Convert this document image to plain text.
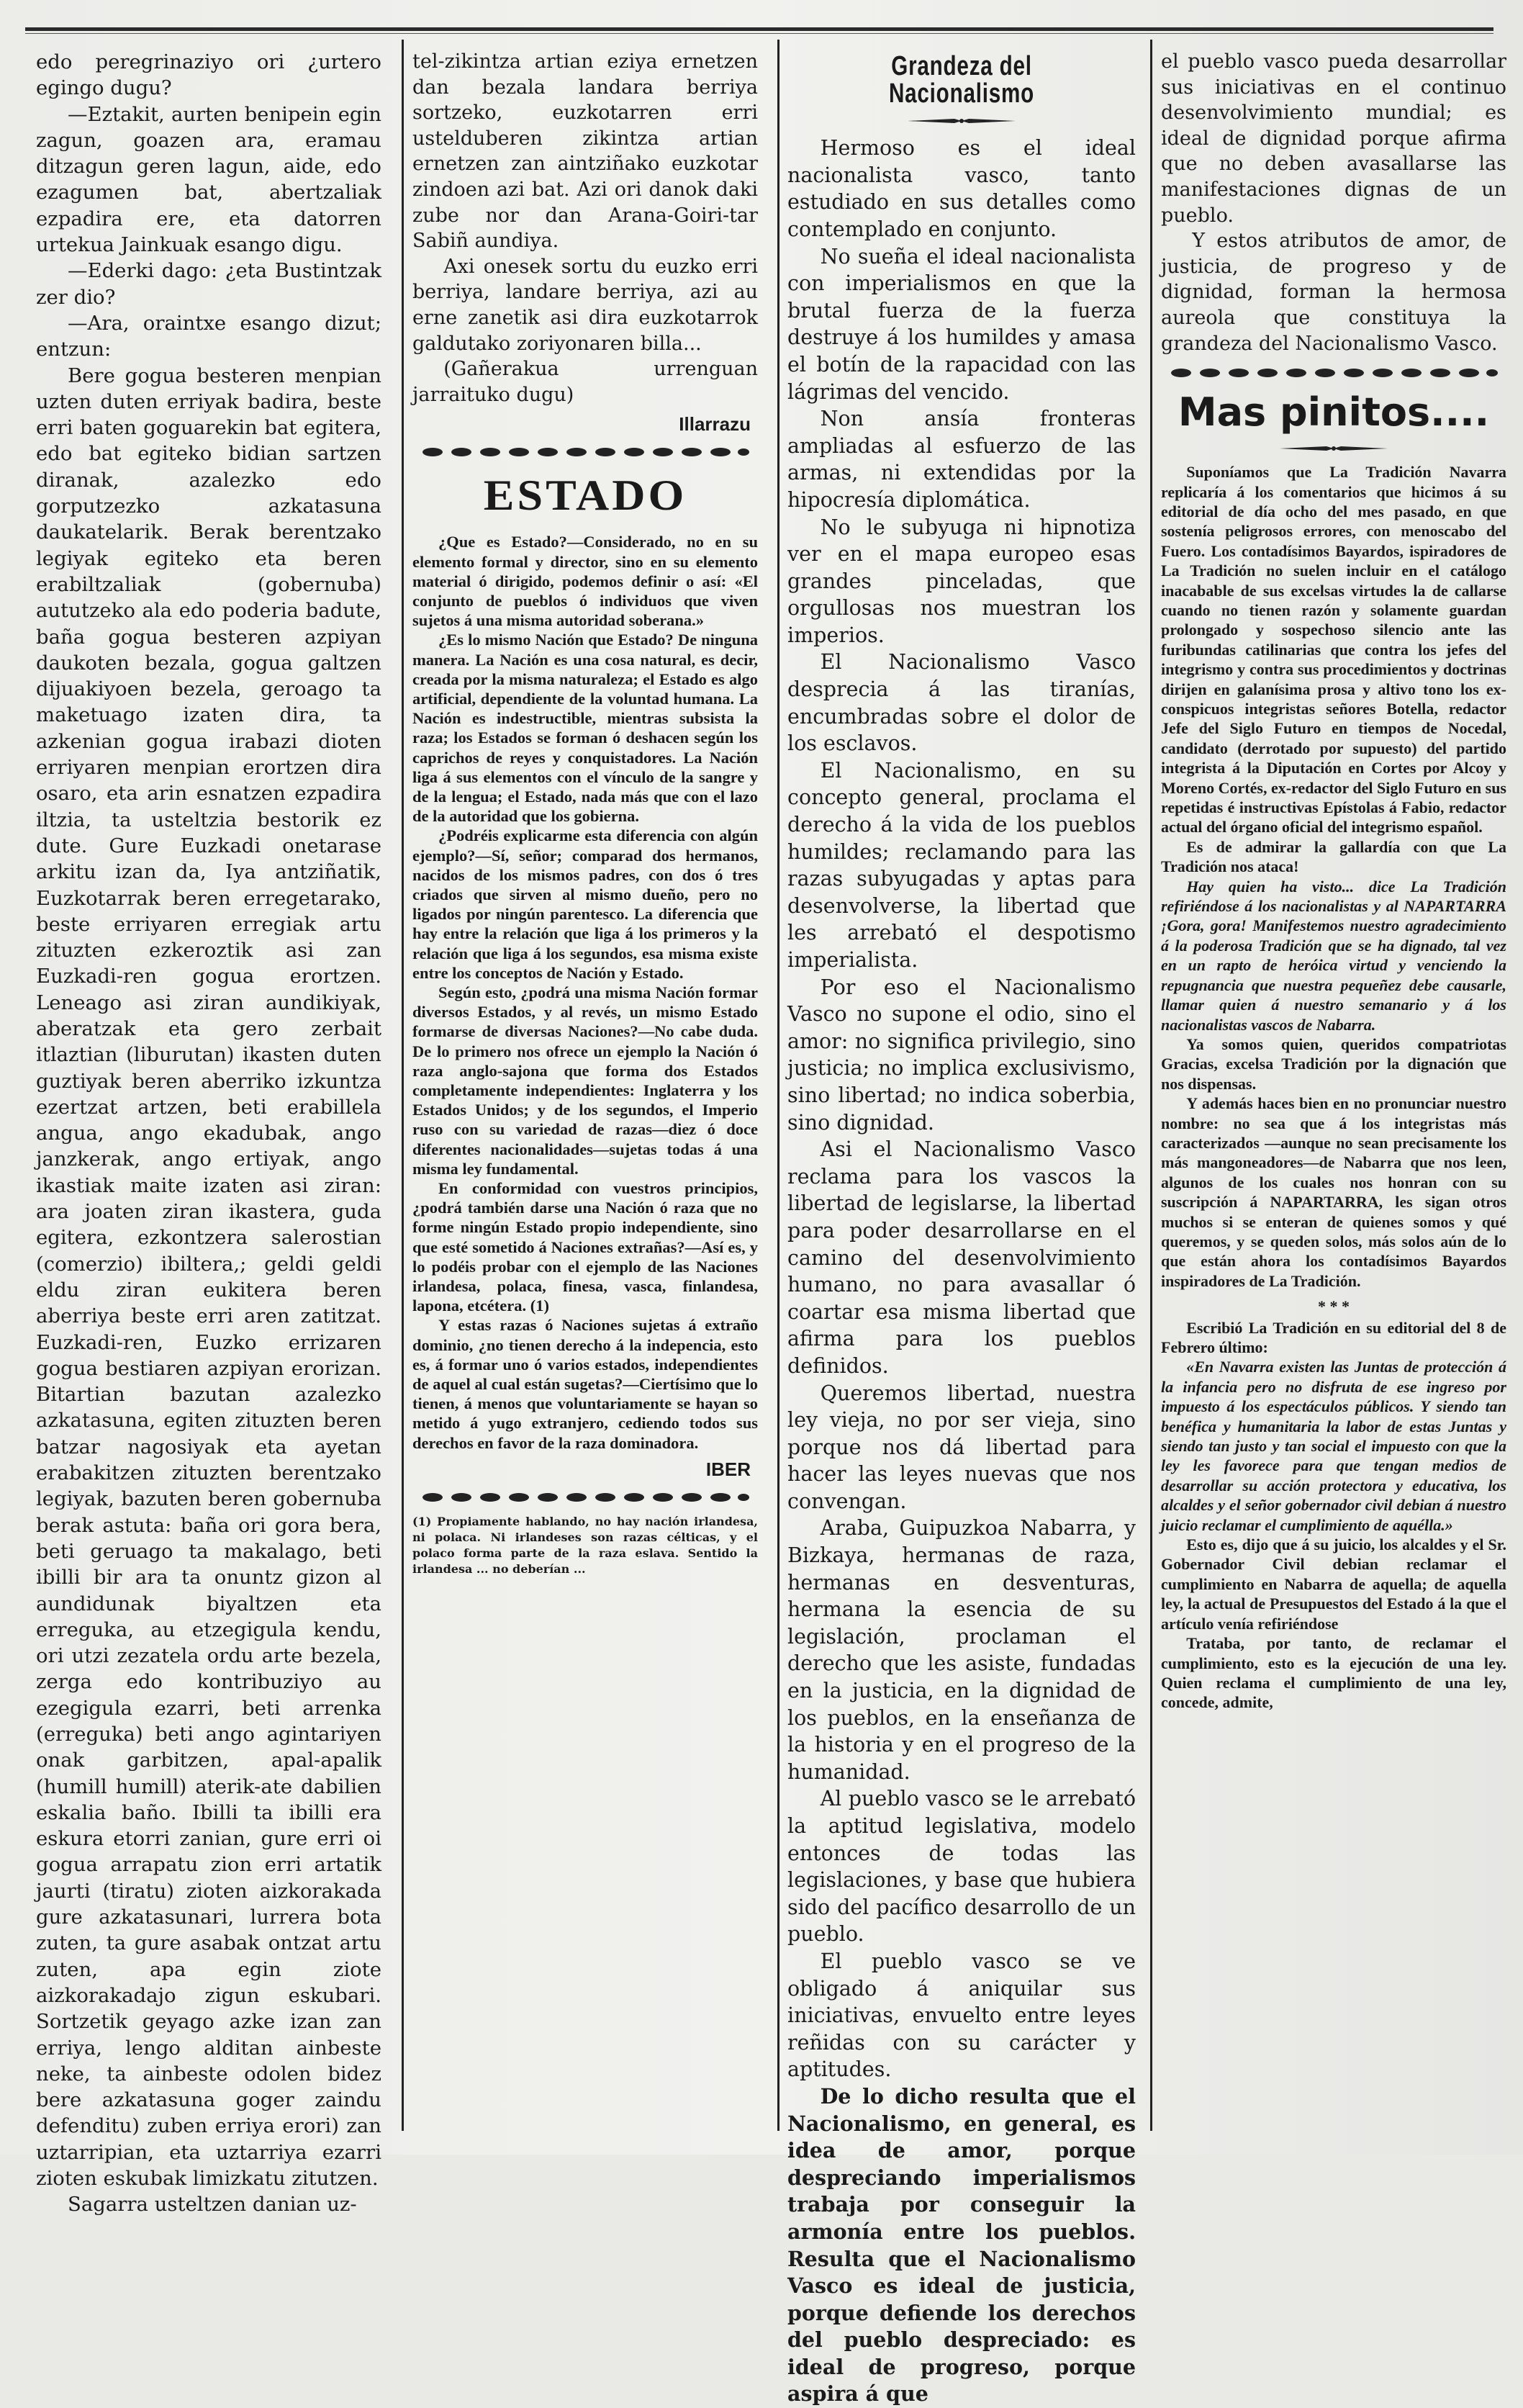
edo peregrinaziyo ori ¿urtero egingo dugu?

—Eztakit, aurten benipein egin zagun, goazen ara, eramau ditzagun geren lagun, aide, edo ezagumen bat, abertzaliak ezpadira ere, eta datorren urtekua Jainkuak esango digu.

—Ederki dago: ¿eta Bustintzak zer dio?

—Ara, oraintxe esango dizut; entzun:

Bere gogua besteren menpian uzten duten erriyak badira, beste erri baten goguarekin bat egitera, edo bat egiteko bidian sartzen diranak, azalezko edo gorputzezko azkatasuna daukatelarik. Berak berentzako legiyak egiteko eta beren erabiltzaliak (gobernuba) aututzeko ala edo poderia badute, baña gogua besteren azpiyan daukoten bezala, gogua galtzen dijuakiyoen bezela, geroago ta maketuago izaten dira, ta azkenian gogua irabazi dioten erriyaren menpian erortzen dira osaro, eta arin esnatzen ezpadira iltzia, ta usteltzia bestorik ez dute. Gure Euzkadi onetarase arkitu izan da, Iya antziñatik, Euzkotarrak beren erregetarako, beste erriyaren erregiak artu zituzten ezkeroztik asi zan Euzkadi-ren gogua erortzen. Leneago asi ziran aundikiyak, aberatzak eta gero zerbait itlaztian (liburutan) ikasten duten guztiyak beren aberriko izkuntza ezertzat artzen, beti erabillela angua, ango ekadubak, ango janzkerak, ango ertiyak, ango ikastiak maite izaten asi ziran: ara joaten ziran ikastera, guda egitera, ezkontzera salerostian (comerzio) ibiltera,; geldi geldi eldu ziran eukitera beren aberriya beste erri aren zatitzat. Euzkadi-ren, Euzko errizaren gogua bestiaren azpiyan erorizan. Bitartian bazutan azalezko azkatasuna, egiten zituzten beren batzar nagosiyak eta ayetan erabakitzen zituzten berentzako legiyak, bazuten beren gobernuba berak astuta: baña ori gora bera, beti geruago ta makalago, beti ibilli bir ara ta onuntz gizon al aundidunak biyaltzen eta erreguka, au etzegigula kendu, ori utzi zezatela ordu arte bezela, zerga edo kontribuziyo au ezegigula ezarri, beti arrenka (erreguka) beti ango agintariyen onak garbitzen, apal-apalik (humill humill) aterik-ate dabilien eskalia baño. Ibilli ta ibilli era eskura etorri zanian, gure erri oi gogua arrapatu zion erri artatik jaurti (tiratu) zioten aizkorakada gure azkatasunari, lurrera bota zuten, ta gure asabak ontzat artu zuten, apa egin ziote aizkorakadajo zigun eskubari. Sortzetik geyago azke izan zan erriya, lengo alditan ainbeste neke, ta ainbeste odolen bidez bere azkatasuna goger zaindu defenditu) zuben erriya erori) zan uztarripian, eta uztarriya ezarri zioten eskubak limizkatu zitutzen.

Sagarra usteltzen danian uz-

tel-zikintza artian eziya ernetzen dan bezala landara berriya sortzeko, euzkotarren erri ustelduberen zikintza artian ernetzen zan aintziñako euzkotar zindoen azi bat. Azi ori danok daki zube nor dan Arana-Goiri-tar Sabiñ aundiya.

Axi onesek sortu du euzko erri berriya, landare berriya, azi au erne zanetik asi dira euzkotarrok galdutako zoriyonaren billa...

(Gañerakua urrenguan jarraituko dugu)

Illarrazu
ESTADO

¿Que es Estado?—Considerado, no en su elemento formal y director, sino en su elemento material ó dirigido, podemos definir o así: «El conjunto de pueblos ó individuos que viven sujetos á una misma autoridad soberana.»

¿Es lo mismo Nación que Estado? De ninguna manera. La Nación es una cosa natural, es decir, creada por la misma naturaleza; el Estado es algo artificial, dependiente de la voluntad humana. La Nación es indestructible, mientras subsista la raza; los Estados se forman ó deshacen según los caprichos de reyes y conquistadores. La Nación liga á sus elementos con el vínculo de la sangre y de la lengua; el Estado, nada más que con el lazo de la autoridad que los gobierna.

¿Podréis explicarme esta diferencia con algún ejemplo?—Sí, señor; comparad dos hermanos, nacidos de los mismos padres, con dos ó tres criados que sirven al mismo dueño, pero no ligados por ningún parentesco. La diferencia que hay entre la relación que liga á los primeros y la relación que liga á los segundos, esa misma existe entre los conceptos de Nación y Estado.

Según esto, ¿podrá una misma Nación formar diversos Estados, y al revés, un mismo Estado formarse de diversas Naciones?—No cabe duda. De lo primero nos ofrece un ejemplo la Nación ó raza anglo-sajona que forma dos Estados completamente independientes: Inglaterra y los Estados Unidos; y de los segundos, el Imperio ruso con su variedad de razas—diez ó doce diferentes nacionalidades—sujetas todas á una misma ley fundamental.

En conformidad con vuestros principios, ¿podrá también darse una Nación ó raza que no forme ningún Estado propio independiente, sino que esté sometido á Naciones extrañas?—Así es, y lo podéis probar con el ejemplo de las Naciones irlandesa, polaca, finesa, vasca, finlandesa, lapona, etcétera. (1)

Y estas razas ó Naciones sujetas á extraño dominio, ¿no tienen derecho á la indepencia, esto es, á formar uno ó varios estados, independientes de aquel al cual están sugetas?—Ciertísimo que lo tienen, á menos que voluntariamente se hayan so metido á yugo extranjero, cediendo todos sus derechos en favor de la raza dominadora.

IBER
(1) Propiamente hablando, no hay nación irlandesa, ni polaca. Ni irlandeses son razas célticas, y el polaco forma parte de la raza eslava. Sentido la irlandesa ... no deberían ...
Grandeza del Nacionalismo

Hermoso es el ideal nacionalista vasco, tanto estudiado en sus detalles como contemplado en conjunto.

No sueña el ideal nacionalista con imperialismos en que la brutal fuerza de la fuerza destruye á los humildes y amasa el botín de la rapacidad con las lágrimas del vencido.

Non ansía fronteras ampliadas al esfuerzo de las armas, ni extendidas por la hipocresía diplomática.

No le subyuga ni hipnotiza ver en el mapa europeo esas grandes pinceladas, que orgullosas nos muestran los imperios.

El Nacionalismo Vasco desprecia á las tiranías, encumbradas sobre el dolor de los esclavos.

El Nacionalismo, en su concepto general, proclama el derecho á la vida de los pueblos humildes; reclamando para las razas subyugadas y aptas para desenvolverse, la libertad que les arrebató el despotismo imperialista.

Por eso el Nacionalismo Vasco no supone el odio, sino el amor: no significa privilegio, sino justicia; no implica exclusivismo, sino libertad; no indica soberbia, sino dignidad.

Asi el Nacionalismo Vasco reclama para los vascos la libertad de legislarse, la libertad para poder desarrollarse en el camino del desenvolvimiento humano, no para avasallar ó coartar esa misma libertad que afirma para los pueblos definidos.

Queremos libertad, nuestra ley vieja, no por ser vieja, sino porque nos dá libertad para hacer las leyes nuevas que nos convengan.

Araba, Guipuzkoa Nabarra, y Bizkaya, hermanas de raza, hermanas en desventuras, hermana la esencia de su legislación, proclaman el derecho que les asiste, fundadas en la justicia, en la dignidad de los pueblos, en la enseñanza de la historia y en el progreso de la humanidad.

Al pueblo vasco se le arrebató la aptitud legislativa, modelo entonces de todas las legislaciones, y base que hubiera sido del pacífico desarrollo de un pueblo.

El pueblo vasco se ve obligado á aniquilar sus iniciativas, envuelto entre leyes reñidas con su carácter y aptitudes.

De lo dicho resulta que el Nacionalismo, en general, es idea de amor, porque despreciando imperialismos trabaja por conseguir la armonía entre los pueblos. Resulta que el Nacionalismo Vasco es ideal de justicia, porque defiende los derechos del pueblo despreciado: es ideal de progreso, porque aspira á que

el pueblo vasco pueda desarrollar sus iniciativas en el continuo desenvolvimiento mundial; es ideal de dignidad porque afirma que no deben avasallarse las manifestaciones dignas de un pueblo.

Y estos atributos de amor, de justicia, de progreso y de dignidad, forman la hermosa aureola que constituya la grandeza del Nacionalismo Vasco.

Mas pinitos....

Suponíamos que La Tradición Navarra replicaría á los comentarios que hicimos á su editorial de día ocho del mes pasado, en que sostenía peligrosos errores, con menoscabo del Fuero. Los contadísimos Bayardos, ispiradores de La Tradición no suelen incluir en el catálogo inacabable de sus excelsas virtudes la de callarse cuando no tienen razón y solamente guardan prolongado y sospechoso silencio ante las furibundas catilinarias que contra los jefes del integrismo y contra sus procedimientos y doctrinas dirijen en galanísima prosa y altivo tono los ex-conspicuos integristas señores Botella, redactor Jefe del Siglo Futuro en tiempos de Nocedal, candidato (derrotado por supuesto) del partido integrista á la Diputación en Cortes por Alcoy y Moreno Cortés, ex-redactor del Siglo Futuro en sus repetidas é instructivas Epístolas á Fabio, redactor actual del órgano oficial del integrismo español.

Es de admirar la gallardía con que La Tradición nos ataca!

Hay quien ha visto... dice La Tradición refiriéndose á los nacionalistas y al NAPARTARRA ¡Gora, gora! Manifestemos nuestro agradecimiento á la poderosa Tradición que se ha dignado, tal vez en un rapto de heróica virtud y venciendo la repugnancia que nuestra pequeñez debe causarle, llamar quien á nuestro semanario y á los nacionalistas vascos de Nabarra.

Ya somos quien, queridos compatriotas Gracias, excelsa Tradición por la dignación que nos dispensas.

Y además haces bien en no pronunciar nuestro nombre: no sea que á los integristas más caracterizados —aunque no sean precisamente los más mangoneadores—de Nabarra que nos leen, algunos de los cuales nos honran con su suscripción á NAPARTARRA, les sigan otros muchos si se enteran de quienes somos y qué queremos, y se queden solos, más solos aún de lo que están ahora los contadísimos Bayardos inspiradores de La Tradición.

* * *

Escribió La Tradición en su editorial del 8 de Febrero último:

«En Navarra existen las Juntas de protección á la infancia pero no disfruta de ese ingreso por impuesto á los espectáculos públicos. Y siendo tan benéfica y humanitaria la labor de estas Juntas y siendo tan justo y tan social el impuesto con que la ley les favorece para que tengan medios de desarrollar su acción protectora y educativa, los alcaldes y el señor gobernador civil debian á nuestro juicio reclamar el cumplimiento de aquélla.»

Esto es, dijo que á su juicio, los alcaldes y el Sr. Gobernador Civil debian reclamar el cumplimiento en Nabarra de aquella; de aquella ley, la actual de Presupuestos del Estado á la que el artículo venía refiriéndose

Trataba, por tanto, de reclamar el cumplimiento, esto es la ejecución de una ley. Quien reclama el cumplimiento de una ley, concede, admite,
